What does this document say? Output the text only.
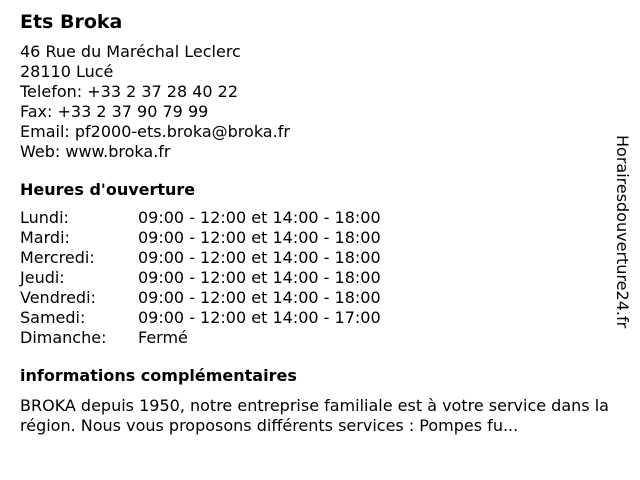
Ets Broka
46 Rue du Maréchal Leclerc
28110 Lucé
Telefon: +33 2 37 28 40 22
Fax: +33 2 37 90 79 99
Email: pf2000-ets.broka@broka.fr
Web: www.broka.fr
Heures d'ouverture
Lundi:	09:00 - 12:00 et 14:00 - 18:00
Mardi:	09:00 - 12:00 et 14:00 - 18:00
Mercredi:	09:00 - 12:00 et 14:00 - 18:00
Jeudi:	09:00 - 12:00 et 14:00 - 18:00
Vendredi:	09:00 - 12:00 et 14:00 - 18:00
Samedi:	09:00 - 12:00 et 14:00 - 17:00
Dimanche:	Fermé
informations complémentaires
BROKA depuis 1950, notre entreprise familiale est à votre service dans la région. Nous vous proposons différents services : Pompes fu...
Horairesdouverture24.fr
